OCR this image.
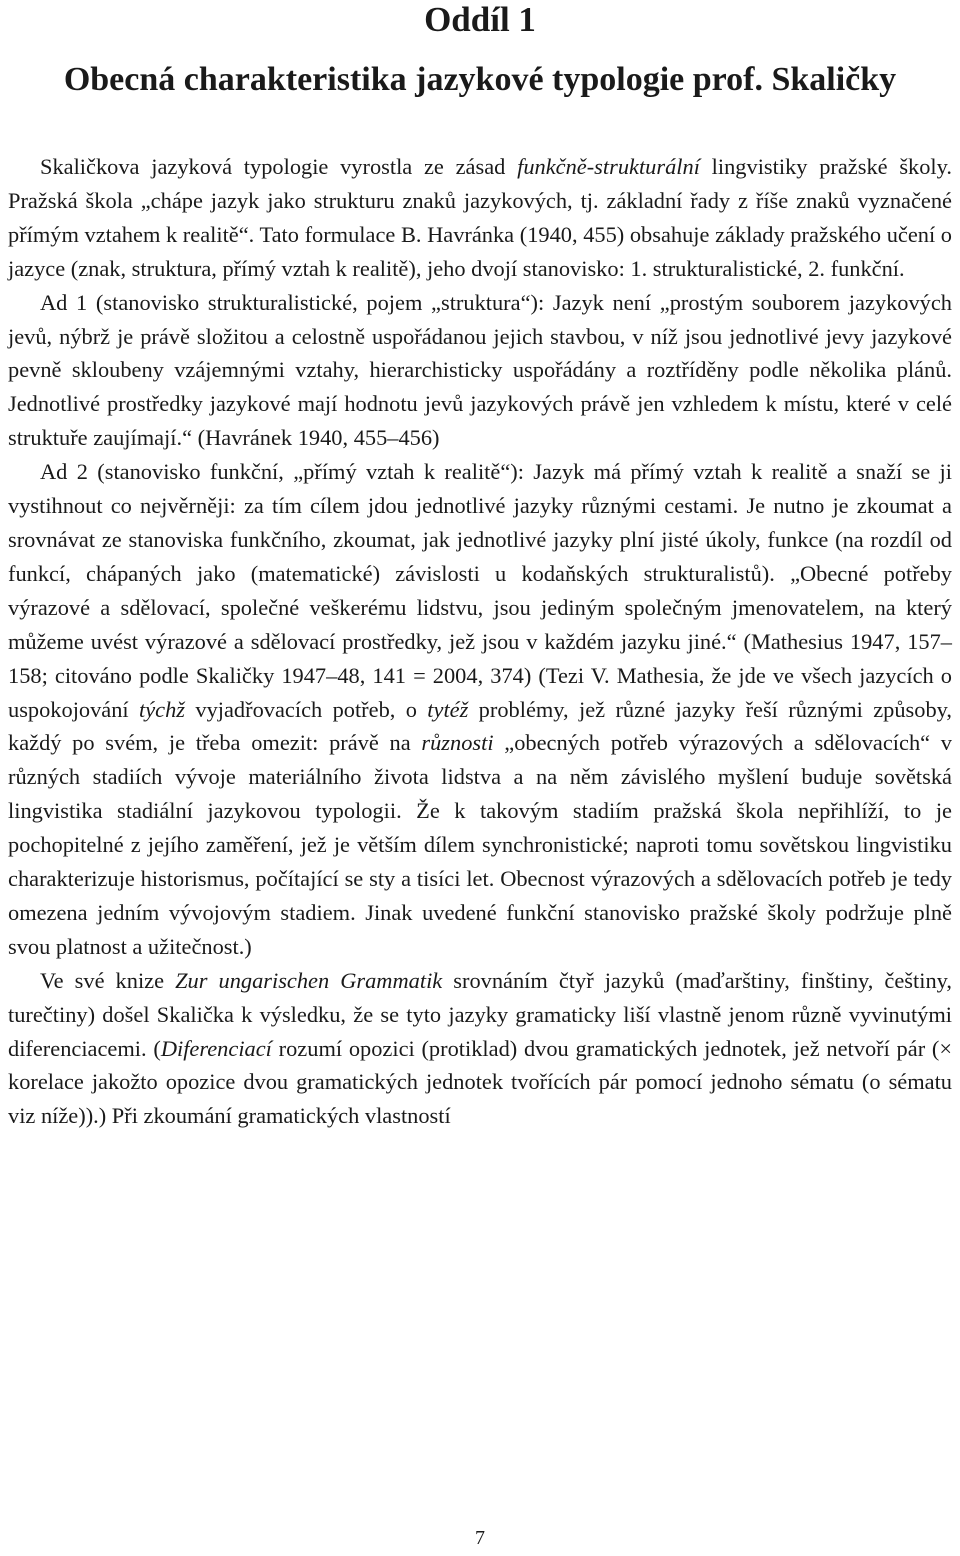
Oddíl 1
Obecná charakteristika jazykové typologie prof. Skaličky

Skaličkova jazyková typologie vyrostla ze zásad funkčně-strukturální lingvistiky pražské školy. Pražská škola „chápe jazyk jako strukturu znaků jazykových, tj. základní řady z říše znaků vyznačené přímým vztahem k realitě“. Tato formulace B. Havránka (1940, 455) obsahuje základy pražského učení o jazyce (znak, struktura, přímý vztah k realitě), jeho dvojí stanovisko: 1. strukturalistické, 2. funkční.

Ad 1 (stanovisko strukturalistické, pojem „struktura“): Jazyk není „prostým souborem jazykových jevů, nýbrž je právě složitou a celostně uspořádanou jejich stavbou, v níž jsou jednotlivé jevy jazykové pevně skloubeny vzájemnými vztahy, hierarchisticky uspořádány a roztříděny podle několika plánů. Jednotlivé prostředky jazykové mají hodnotu jevů jazykových právě jen vzhledem k místu, které v celé struktuře zaujímají.“ (Havránek 1940, 455–456)

Ad 2 (stanovisko funkční, „přímý vztah k realitě“): Jazyk má přímý vztah k realitě a snaží se ji vystihnout co nejvěrněji: za tím cílem jdou jednotlivé jazyky různými cestami. Je nutno je zkoumat a srovnávat ze stanoviska funkčního, zkoumat, jak jednotlivé jazyky plní jisté úkoly, funkce (na rozdíl od funkcí, chápaných jako (matematické) závislosti u kodaňských strukturalistů). „Obecné potřeby výrazové a sdělovací, společné veškerému lidstvu, jsou jediným společným jmenovatelem, na který můžeme uvést výrazové a sdělovací prostředky, jež jsou v každém jazyku jiné.“ (Mathesius 1947, 157–158; citováno podle Skaličky 1947–48, 141 = 2004, 374) (Tezi V. Mathesia, že jde ve všech jazycích o uspokojování týchž vyjadřovacích potřeb, o tytéž problémy, jež různé jazyky řeší různými způsoby, každý po svém, je třeba omezit: právě na různosti „obecných potřeb výrazových a sdělovacích“ v různých stadiích vývoje materiálního života lidstva a na něm závislého myšlení buduje sovětská lingvistika stadiální jazykovou typologii. Že k takovým stadiím pražská škola nepřihlíží, to je pochopitelné z jejího zaměření, jež je větším dílem synchronistické; naproti tomu sovětskou lingvistiku charakterizuje historismus, počítající se sty a tisíci let. Obecnost výrazových a sdělovacích potřeb je tedy omezena jedním vývojovým stadiem. Jinak uvedené funkční stanovisko pražské školy podržuje plně svou platnost a užitečnost.)

Ve své knize Zur ungarischen Grammatik srovnáním čtyř jazyků (maďarštiny, finštiny, češtiny, turečtiny) došel Skalička k výsledku, že se tyto jazyky gramaticky liší vlastně jenom různě vyvinutými diferenciacemi. (Diferenciací rozumí opozici (protiklad) dvou gramatických jednotek, jež netvoří pár (× korelace jakožto opozice dvou gramatických jednotek tvořících pár pomocí jednoho sématu (o sématu viz níže)).) Při zkoumání gramatických vlastností

7
